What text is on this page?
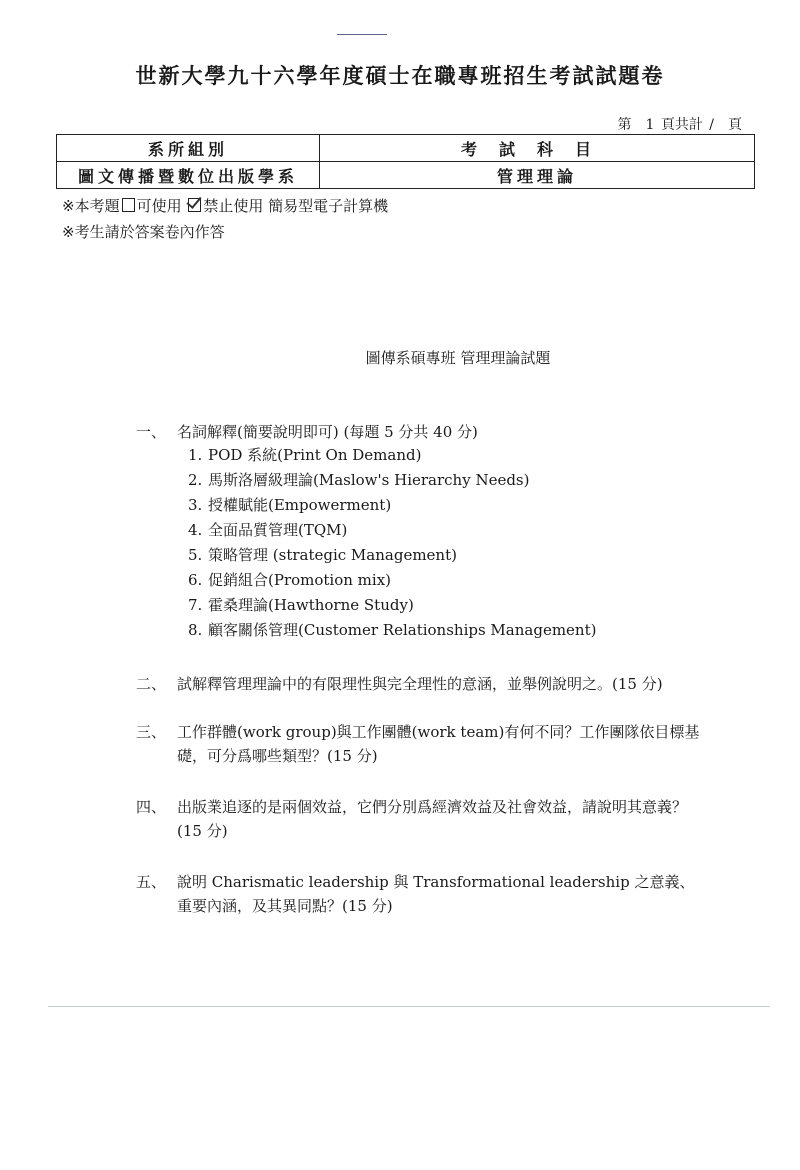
世新大學九十六學年度碩士在職專班招生考試試題卷
第　1 頁共計 /　頁
系所組別	考試科目
圖文傳播暨數位出版學系	管理理論
※本考題 可使用 禁止使用 簡易型電子計算機
※考生請於答案卷內作答
圖傳系碩專班 管理理論試題
一、 名詞解釋(簡要說明即可) (每題 5 分共 40 分)
1. POD 系統(Print On Demand)
2. 馬斯洛層級理論(Maslow's Hierarchy Needs)
3. 授權賦能(Empowerment)
4. 全面品質管理(TQM)
5. 策略管理 (strategic Management)
6. 促銷組合(Promotion mix)
7. 霍桑理論(Hawthorne Study)
8. 顧客關係管理(Customer Relationships Management)
二、 試解釋管理理論中的有限理性與完全理性的意涵，並舉例說明之。(15 分)
三、 工作群體(work group)與工作團體(work team)有何不同？工作團隊依目標基礎，可分爲哪些類型？(15 分)
四、 出版業追逐的是兩個效益，它們分別爲經濟效益及社會效益，請說明其意義？(15 分)
五、 說明 Charismatic leadership 與 Transformational leadership 之意義、重要內涵，及其異同點？(15 分)
